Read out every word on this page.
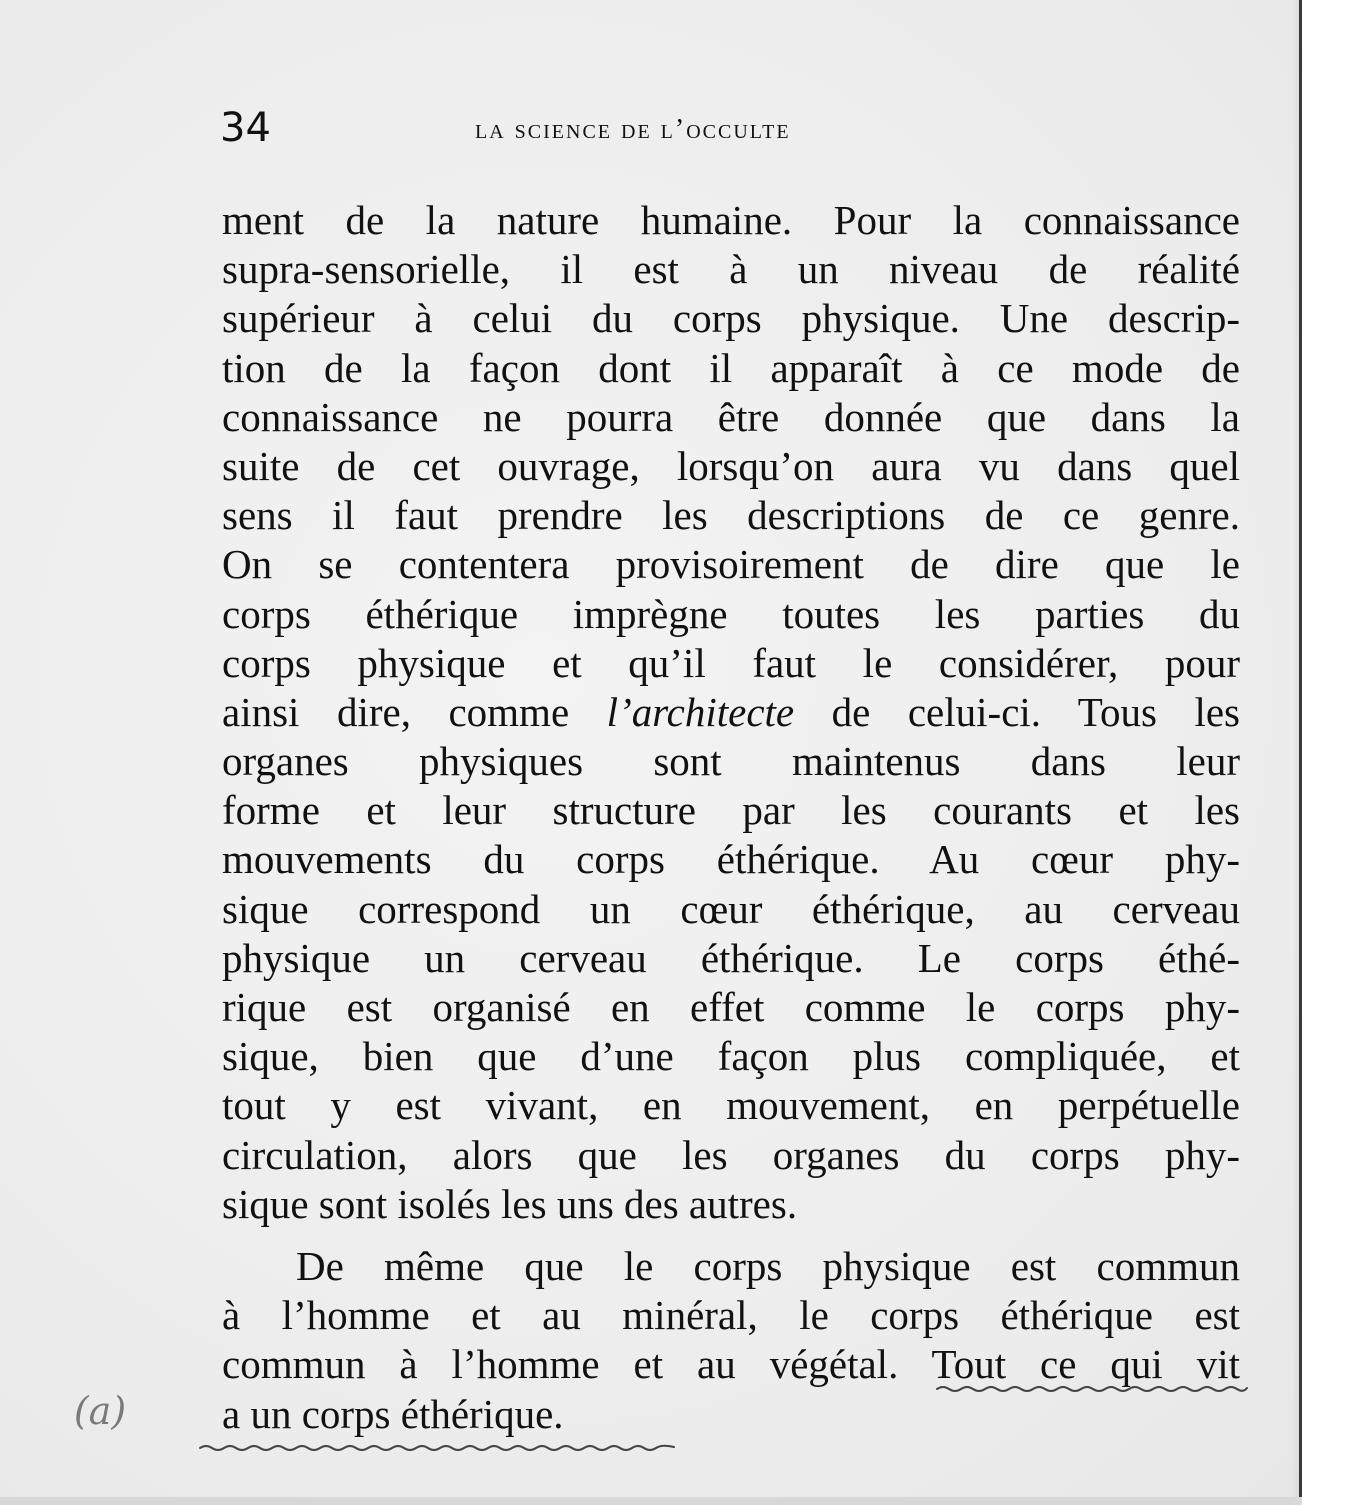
34	la science de l’occulte
ment de la nature humaine. Pour la connaissance
supra-sensorielle, il est à un niveau de réalité
supérieur à celui du corps physique. Une descrip-
tion de la façon dont il apparaît à ce mode de
connaissance ne pourra être donnée que dans la
suite de cet ouvrage, lorsqu’on aura vu dans quel
sens il faut prendre les descriptions de ce genre.
On se contentera provisoirement de dire que le
corps éthérique imprègne toutes les parties du
corps physique et qu’il faut le considérer, pour
ainsi dire, comme l’architecte de celui-ci. Tous les
organes physiques sont maintenus dans leur
forme et leur structure par les courants et les
mouvements du corps éthérique. Au cœur phy-
sique correspond un cœur éthérique, au cerveau
physique un cerveau éthérique. Le corps éthé-
rique est organisé en effet comme le corps phy-
sique, bien que d’une façon plus compliquée, et
tout y est vivant, en mouvement, en perpétuelle
circulation, alors que les organes du corps phy-
sique sont isolés les uns des autres.
De même que le corps physique est commun
à l’homme et au minéral, le corps éthérique est
commun à l’homme et au végétal. Tout ce qui vit
a un corps éthérique.
(a)
